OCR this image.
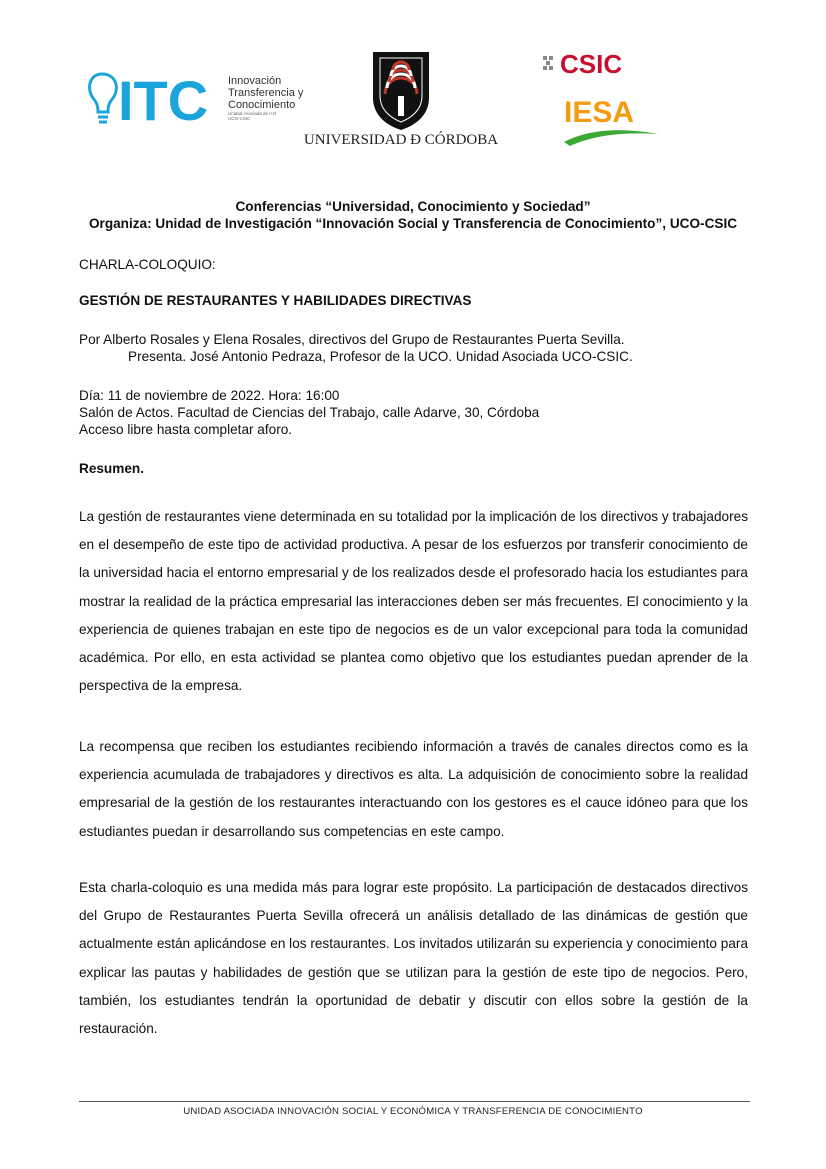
ITC Innovación
Transferencia y
Conocimiento
Unidad Asociada de I+D
UCO-CSIC
UNIVERSIDAD Ð CÓRDOBA
CSIC
IESA
Conferencias “Universidad, Conocimiento y Sociedad”
Organiza: Unidad de Investigación “Innovación Social y Transferencia de Conocimiento”, UCO-CSIC
CHARLA-COLOQUIO:
GESTIÓN DE RESTAURANTES Y HABILIDADES DIRECTIVAS
Por Alberto Rosales y Elena Rosales, directivos del Grupo de Restaurantes Puerta Sevilla.
Presenta. José Antonio Pedraza, Profesor de la UCO. Unidad Asociada UCO-CSIC.
Día: 11 de noviembre de 2022. Hora: 16:00
Salón de Actos. Facultad de Ciencias del Trabajo, calle Adarve, 30, Córdoba
Acceso libre hasta completar aforo.
Resumen.
La gestión de restaurantes viene determinada en su totalidad por la implicación de los directivos y trabajadores en el desempeño de este tipo de actividad productiva. A pesar de los esfuerzos por transferir conocimiento de la universidad hacia el entorno empresarial y de los realizados desde el profesorado hacia los estudiantes para mostrar la realidad de la práctica empresarial las interacciones deben ser más frecuentes. El conocimiento y la experiencia de quienes trabajan en este tipo de negocios es de un valor excepcional para toda la comunidad académica. Por ello, en esta actividad se plantea como objetivo que los estudiantes puedan aprender de la perspectiva de la empresa.
La recompensa que reciben los estudiantes recibiendo información a través de canales directos como es la experiencia acumulada de trabajadores y directivos es alta. La adquisición de conocimiento sobre la realidad empresarial de la gestión de los restaurantes interactuando con los gestores es el cauce idóneo para que los estudiantes puedan ir desarrollando sus competencias en este campo.
Esta charla-coloquio es una medida más para lograr este propósito. La participación de destacados directivos del Grupo de Restaurantes Puerta Sevilla ofrecerá un análisis detallado de las dinámicas de gestión que actualmente están aplicándose en los restaurantes. Los invitados utilizarán su experiencia y conocimiento para explicar las pautas y habilidades de gestión que se utilizan para la gestión de este tipo de negocios. Pero, también, los estudiantes tendrán la oportunidad de debatir y discutir con ellos sobre la gestión de la restauración.
UNIDAD ASOCIADA INNOVACIÓN SOCIAL Y ECONÓMICA Y TRANSFERENCIA DE CONOCIMIENTO
